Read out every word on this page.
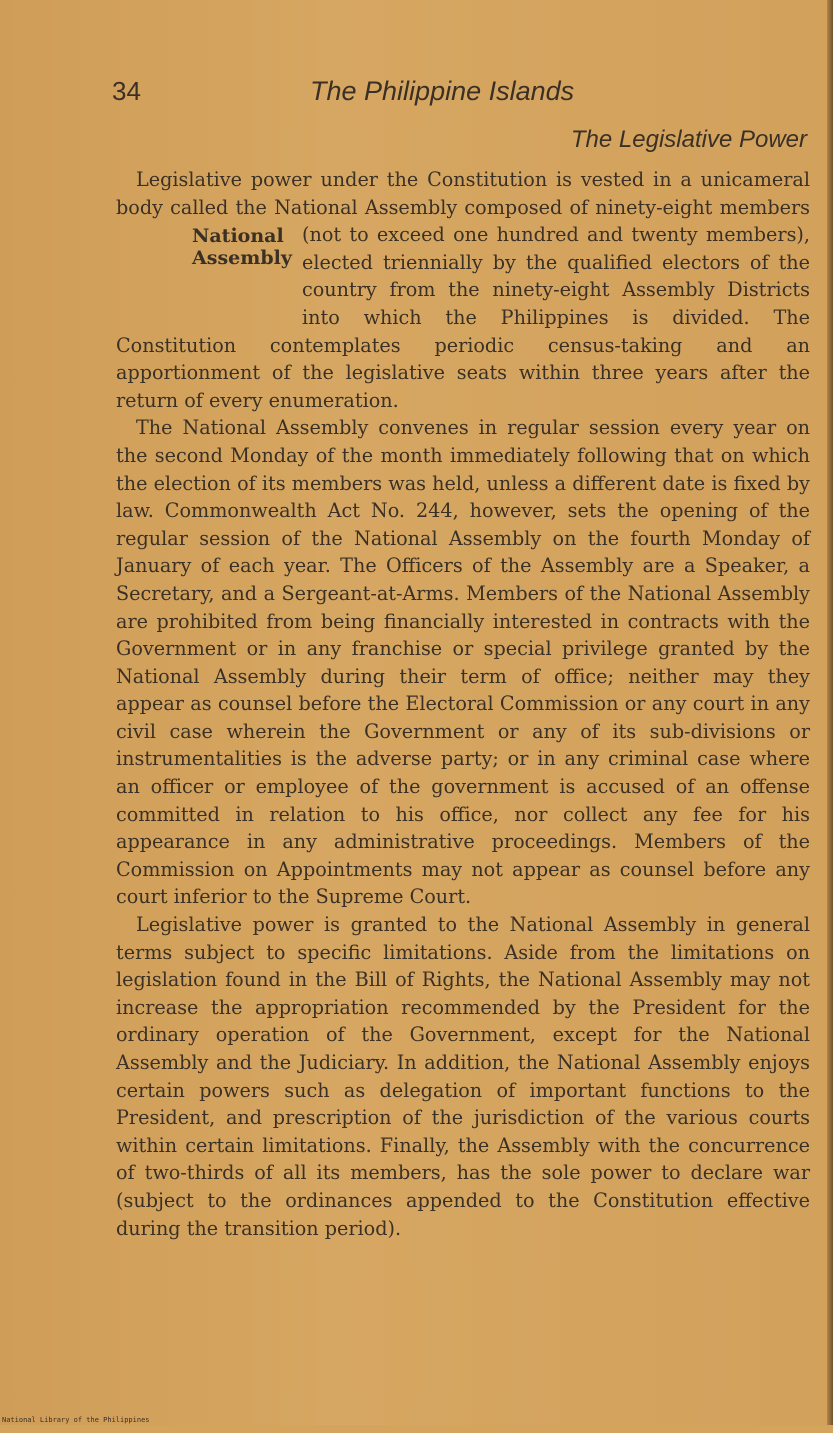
34	The Philippine Islands
The Legislative Power

Legislative power under the Constitution is vested in a unicameral body called the National Assembly composed of ninety-eight members (not to exceed one hundred and twenty members),
National
Assembly elected triennially by the qualified electors of the country from the ninety-eight Assembly Districts into which the Philippines is divided. The Constitution contemplates periodic census-taking and an apportionment of the legislative seats within three years after the return of every enumeration.

The National Assembly convenes in regular session every year on the second Monday of the month immediately following that on which the election of its members was held, unless a different date is fixed by law. Commonwealth Act No. 244, however, sets the opening of the regular session of the National Assembly on the fourth Monday of January of each year. The Officers of the Assembly are a Speaker, a Secretary, and a Sergeant-at-Arms. Members of the National Assembly are prohibited from being financially interested in contracts with the Government or in any franchise or special privilege granted by the National Assembly during their term of office; neither may they appear as counsel before the Electoral Commission or any court in any civil case wherein the Government or any of its sub-divisions or instrumentalities is the adverse party; or in any criminal case where an officer or employee of the government is accused of an offense committed in relation to his office, nor collect any fee for his appearance in any administrative proceedings. Members of the Commission on Appointments may not appear as counsel before any court inferior to the Supreme Court.

Legislative power is granted to the National Assembly in general terms subject to specific limitations. Aside from the limitations on legislation found in the Bill of Rights, the National Assembly may not increase the appropriation recommended by the President for the ordinary operation of the Government, except for the National Assembly and the Judiciary. In addition, the National Assembly enjoys certain powers such as delegation of important functions to the President, and prescription of the jurisdiction of the various courts within certain limitations. Finally, the Assembly with the concurrence of two-thirds of all its members, has the sole power to declare war (subject to the ordinances appended to the Constitution effective during the transition period).

National Library of the Philippines
